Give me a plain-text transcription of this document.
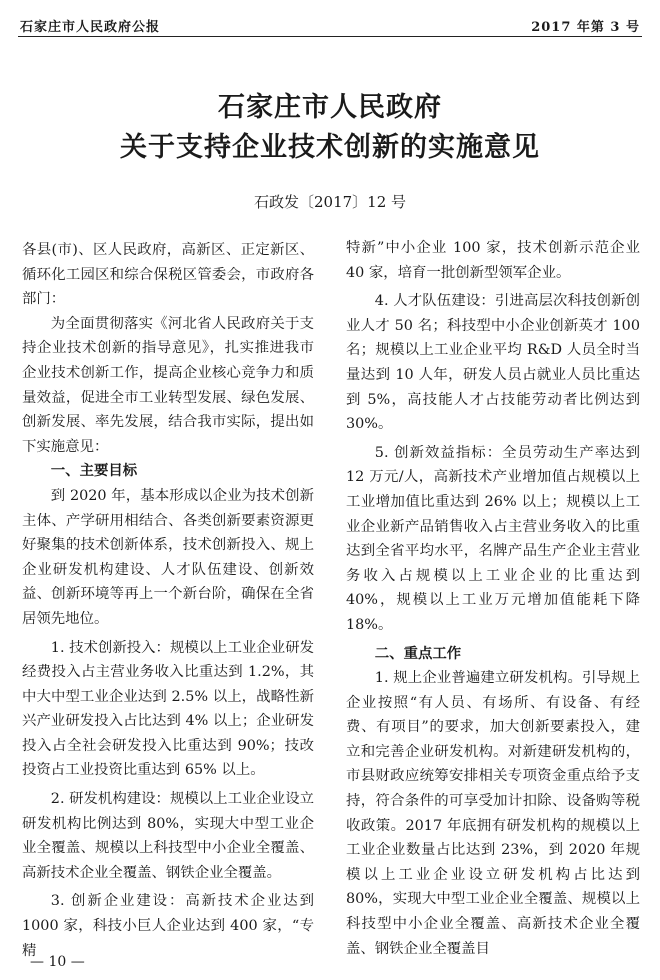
石家庄市人民政府公报	2017 年第 3 号
石家庄市人民政府
关于支持企业技术创新的实施意见
石政发〔2017〕12 号

各县(市)、区人民政府，高新区、正定新区、循环化工园区和综合保税区管委会，市政府各部门：

为全面贯彻落实《河北省人民政府关于支持企业技术创新的指导意见》，扎实推进我市企业技术创新工作，提高企业核心竞争力和质量效益，促进全市工业转型发展、绿色发展、创新发展、率先发展，结合我市实际，提出如下实施意见：

一、主要目标

到 2020 年，基本形成以企业为技术创新主体、产学研用相结合、各类创新要素资源更好聚集的技术创新体系，技术创新投入、规上企业研发机构建设、人才队伍建设、创新效益、创新环境等再上一个新台阶，确保在全省居领先地位。

1. 技术创新投入：规模以上工业企业研发经费投入占主营业务收入比重达到 1.2%，其中大中型工业企业达到 2.5% 以上，战略性新兴产业研发投入占比达到 4% 以上；企业研发投入占全社会研发投入比重达到 90%；技改投资占工业投资比重达到 65% 以上。

2. 研发机构建设：规模以上工业企业设立研发机构比例达到 80%，实现大中型工业企业全覆盖、规模以上科技型中小企业全覆盖、高新技术企业全覆盖、钢铁企业全覆盖。

3. 创新企业建设：高新技术企业达到 1000 家，科技小巨人企业达到 400 家，“专精

特新”中小企业 100 家，技术创新示范企业 40 家，培育一批创新型领军企业。

4. 人才队伍建设：引进高层次科技创新创业人才 50 名；科技型中小企业创新英才 100 名；规模以上工业企业平均 R&D 人员全时当量达到 10 人年，研发人员占就业人员比重达到 5%，高技能人才占技能劳动者比例达到 30%。

5. 创新效益指标：全员劳动生产率达到 12 万元/人，高新技术产业增加值占规模以上工业增加值比重达到 26% 以上；规模以上工业企业新产品销售收入占主营业务收入的比重达到全省平均水平，名牌产品生产企业主营业务收入占规模以上工业企业的比重达到 40%，规模以上工业万元增加值能耗下降 18%。

二、重点工作

1. 规上企业普遍建立研发机构。引导规上企业按照“有人员、有场所、有设备、有经费、有项目”的要求，加大创新要素投入，建立和完善企业研发机构。对新建研发机构的，市县财政应统筹安排相关专项资金重点给予支持，符合条件的可享受加计扣除、设备购等税收政策。2017 年底拥有研发机构的规模以上工业企业数量占比达到 23%，到 2020 年规模以上工业企业设立研发机构占比达到 80%，实现大中型工业企业全覆盖、规模以上科技型中小企业全覆盖、高新技术企业全覆盖、钢铁企业全覆盖目

— 10 —
